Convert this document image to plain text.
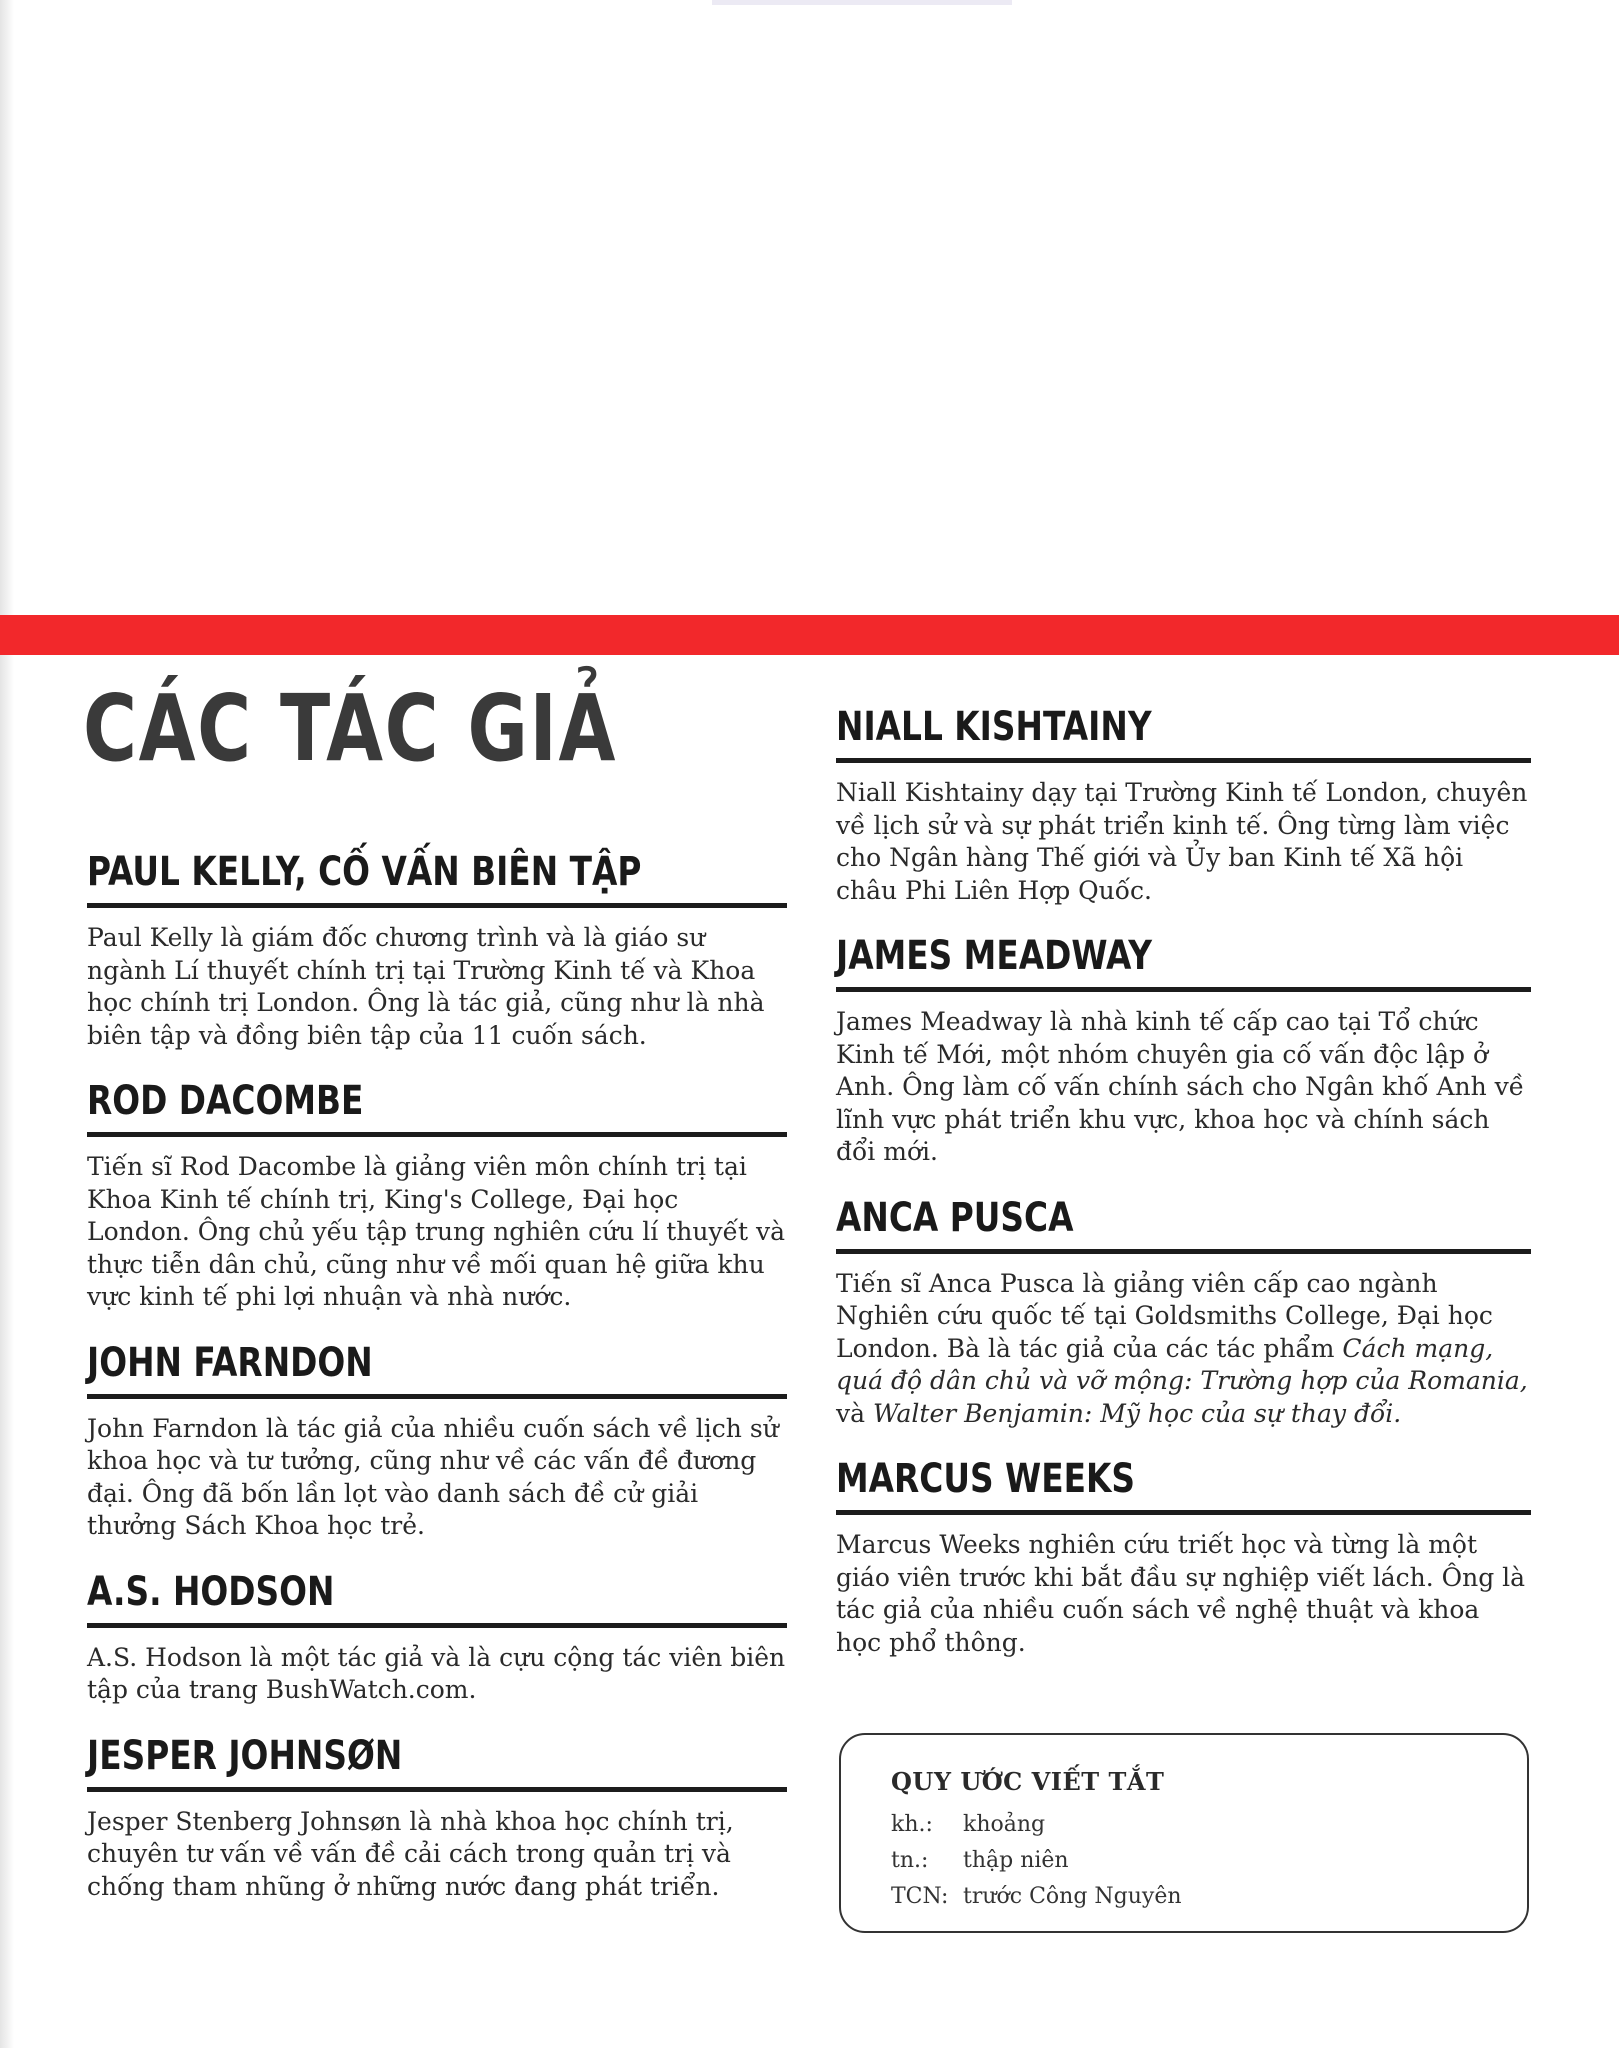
CÁC TÁC GIẢ
PAUL KELLY, CỐ VẤN BIÊN TẬP

Paul Kelly là giám đốc chương trình và là giáo sư ngành Lí thuyết chính trị tại Trường Kinh tế và Khoa học chính trị London. Ông là tác giả, cũng như là nhà biên tập và đồng biên tập của 11 cuốn sách.

ROD DACOMBE

Tiến sĩ Rod Dacombe là giảng viên môn chính trị tại Khoa Kinh tế chính trị, King's College, Đại học London. Ông chủ yếu tập trung nghiên cứu lí thuyết và thực tiễn dân chủ, cũng như về mối quan hệ giữa khu vực kinh tế phi lợi nhuận và nhà nước.

JOHN FARNDON

John Farndon là tác giả của nhiều cuốn sách về lịch sử khoa học và tư tưởng, cũng như về các vấn đề đương đại. Ông đã bốn lần lọt vào danh sách đề cử giải thưởng Sách Khoa học trẻ.

A.S. HODSON

A.S. Hodson là một tác giả và là cựu cộng tác viên biên tập của trang BushWatch.com.

JESPER JOHNSØN

Jesper Stenberg Johnsøn là nhà khoa học chính trị, chuyên tư vấn về vấn đề cải cách trong quản trị và chống tham nhũng ở những nước đang phát triển.

NIALL KISHTAINY

Niall Kishtainy dạy tại Trường Kinh tế London, chuyên về lịch sử và sự phát triển kinh tế. Ông từng làm việc cho Ngân hàng Thế giới và Ủy ban Kinh tế Xã hội châu Phi Liên Hợp Quốc.

JAMES MEADWAY

James Meadway là nhà kinh tế cấp cao tại Tổ chức Kinh tế Mới, một nhóm chuyên gia cố vấn độc lập ở Anh. Ông làm cố vấn chính sách cho Ngân khố Anh về lĩnh vực phát triển khu vực, khoa học và chính sách đổi mới.

ANCA PUSCA

Tiến sĩ Anca Pusca là giảng viên cấp cao ngành Nghiên cứu quốc tế tại Goldsmiths College, Đại học London. Bà là tác giả của các tác phẩm Cách mạng, quá độ dân chủ và vỡ mộng: Trường hợp của Romania, và Walter Benjamin: Mỹ học của sự thay đổi.

MARCUS WEEKS

Marcus Weeks nghiên cứu triết học và từng là một giáo viên trước khi bắt đầu sự nghiệp viết lách. Ông là tác giả của nhiều cuốn sách về nghệ thuật và khoa học phổ thông.

QUY ƯỚC VIẾT TẮT

kh.: khoảng
tn.: thập niên
TCN: trước Công Nguyên
